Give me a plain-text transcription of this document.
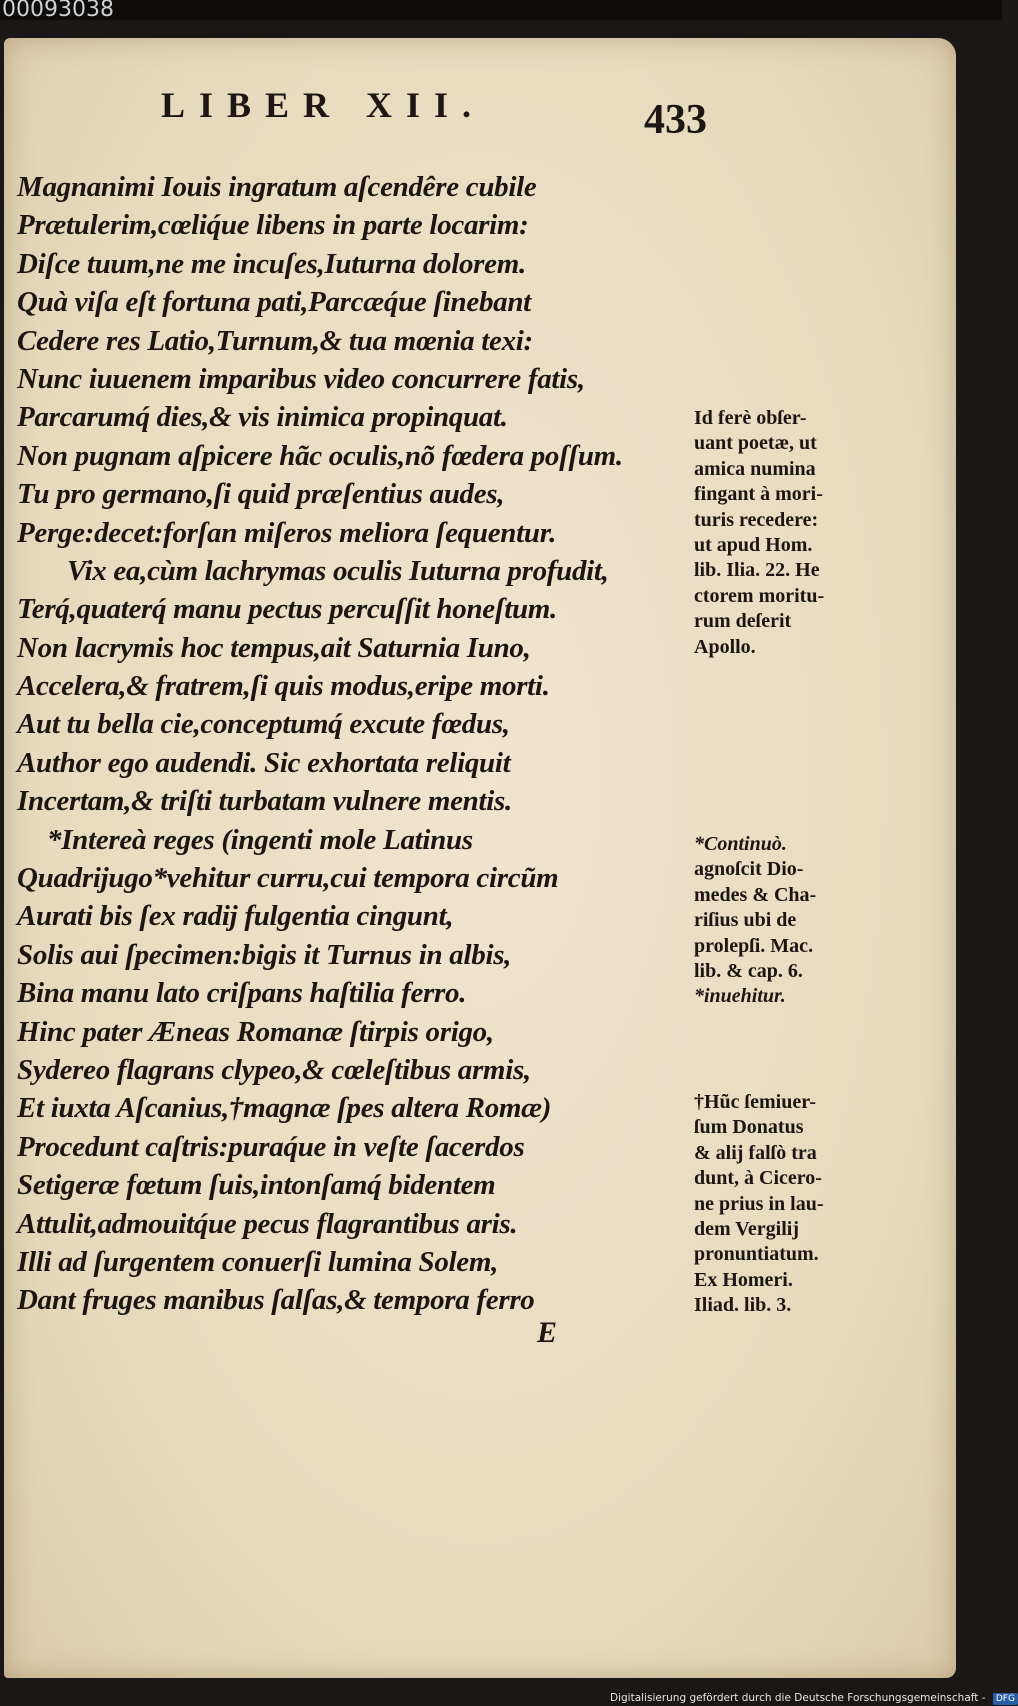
00093038
LIBER XII.	433
Magnanimi Iouis ingratum aſcendêre cubile
Prætulerim,cœliq́ue libens in parte locarim:
Diſce tuum,ne me incuſes,Iuturna dolorem.
Quà viſa eſt fortuna pati,Parcæq́ue ſinebant
Cedere res Latio,Turnum,& tua mœnia texi:
Nunc iuuenem imparibus video concurrere fatis,
Parcarumq́ dies,& vis inimica propinquat.
Non pugnam aſpicere hãc oculis,nõ fœdera poſſum.
Tu pro germano,ſi quid præſentius audes,
Perge:decet:forſan miſeros meliora ſequentur.
Vix ea,cùm lachrymas oculis Iuturna profudit,
Terq́,quaterq́ manu pectus percuſſit honeſtum.
Non lacrymis hoc tempus,ait Saturnia Iuno,
Accelera,& fratrem,ſi quis modus,eripe morti.
Aut tu bella cie,conceptumq́ excute fœdus,
Author ego audendi. Sic exhortata reliquit
Incertam,& triſti turbatam vulnere mentis.
*Intereà reges (ingenti mole Latinus
Quadrijugo*vehitur curru,cui tempora circũm
Aurati bis ſex radij fulgentia cingunt,
Solis aui ſpecimen:bigis it Turnus in albis,
Bina manu lato criſpans haſtilia ferro.
Hinc pater Æneas Romanæ ſtirpis origo,
Sydereo flagrans clypeo,& cœleſtibus armis,
Et iuxta Aſcanius,†magnæ ſpes altera Romæ)
Procedunt caſtris:puraq́ue in veſte ſacerdos
Setigeræ fœtum ſuis,intonſamq́ bidentem
Attulit,admouitq́ue pecus flagrantibus aris.
Illi ad ſurgentem conuerſi lumina Solem,
Dant fruges manibus ſalſas,& tempora ferro

E

Id ferè obſer-
uant poetæ, ut
amica numina
fingant à mori-
turis recedere:
ut apud Hom.
lib. Ilia. 22. He
ctorem moritu-
rum deſerit
Apollo.
*Continuò.
agnoſcit Dio-
medes & Cha-
riſius ubi de
prolepſi. Mac.
lib. & cap. 6.
*inuehitur.
†Hũc ſemiuer-
ſum Donatus
& alij falſò tra
dunt, à Cicero-
ne prius in lau-
dem Vergilij
pronuntiatum.
Ex Homeri.
Iliad. lib. 3.
Digitalisierung gefördert durch die Deutsche Forschungsgemeinschaft - DFG
